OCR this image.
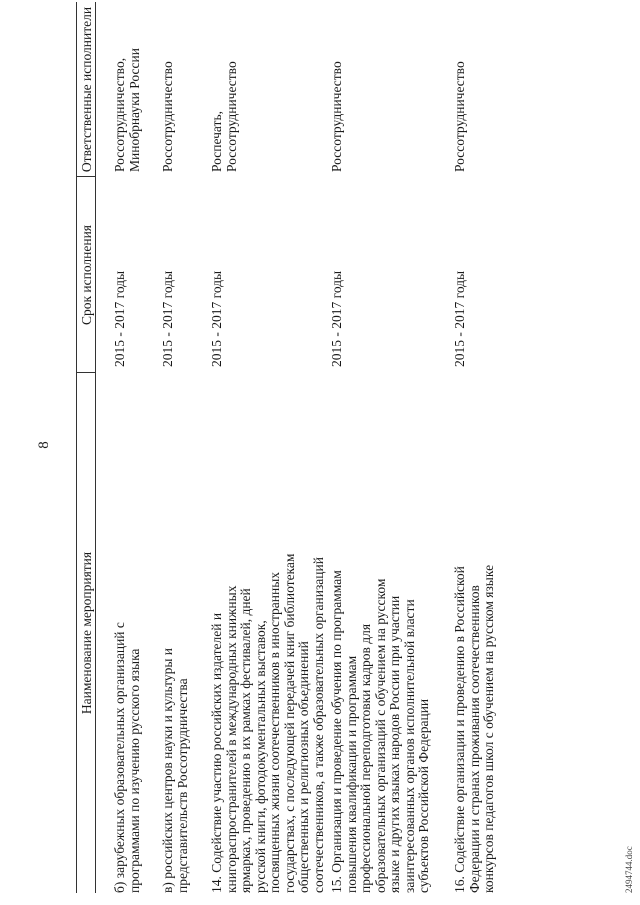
8
Наименование мероприятия
Срок исполнения
Ответственные исполнители
б) зарубежных образовательных организаций с программами по изучению русского языка
2015 - 2017 годы
Россотрудничество, Минобрнауки России
в) российских центров науки и культуры и представительств Россотрудничества
2015 - 2017 годы
Россотрудничество
14. Содействие участию российских издателей и книгораспространителей в международных книжных ярмарках, проведению в их рамках фестивалей, дней русской книги, фотодокументальных выставок, посвященных жизни соотечественников в иностранных государствах, с последующей передачей книг библиотекам общественных и религиозных объединений соотечественников, а также образовательных организаций
2015 - 2017 годы
Роспечать, Россотрудничество
15. Организация и проведение обучения по программам повышения квалификации и программам профессиональной переподготовки кадров для образовательных организаций с обучением на русском языке и других языках народов России при участии заинтересованных органов исполнительной власти субъектов Российской Федерации
2015 - 2017 годы
Россотрудничество
16. Содействие организации и проведению в Российской Федерации и странах проживания соотечественников конкурсов педагогов школ с обучением на русском языке
2015 - 2017 годы
Россотрудничество
2494744.doc
